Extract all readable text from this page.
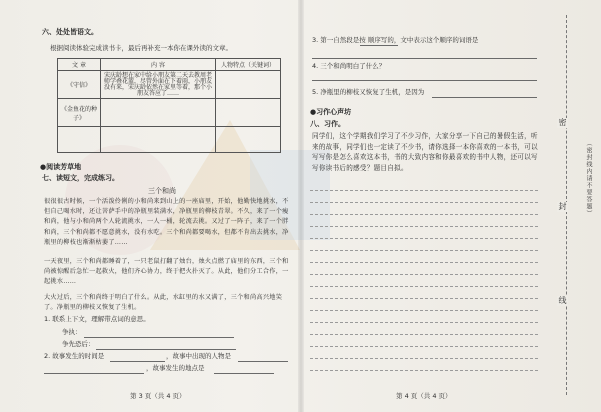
六、处处皆语文。
根据阅读体验完成读书卡，最后再补充一本你在课外读的文章。
文 章	内 容	人物特点（关键词）
《守信》	宋庆龄想在家中给小朋友第二天去教周老师学叠花篮，尽管外面在下着雨，小朋友没有来，宋庆龄依然在家里等着，那个小朋友答应了……	
《金鱼花的种子》		

●阅读芳草地
七、读短文，完成练习。
三个和尚
很很很古时候，一个活泼伶俐的小和尚来到山上的一座庙里，开始，他勤快地挑水，不但自己喝水时，还让菩萨手中的净瓶里装满水，净瓶里的柳枝青翠。不久，来了一个瘦和尚，他与小和尚两个人轮流挑水，一人一桶，轮流去挑。又过了一阵子，来了一个胖和尚，三个和尚都不愿意挑水，没有水吃。三个和尚都要喝水，但都不肯出去挑水，净瓶里的柳枝也渐渐枯萎了……
一天夜里，三个和尚都睡着了，一只老鼠打翻了烛台，烛火点燃了庙里的东西，三个和尚被惊醒后急忙一起救火，他们齐心协力，终于把火扑灭了。从此，他们分工合作，一起挑水……
大火过后，三个和尚终于明白了什么。从此，水缸里的水又满了，三个和尚高兴地笑了。净瓶里的柳枝又恢复了生机。
1. 联系上下文，理解带点词的意思。
争执：
争先恐后：
2. 故事发生的时间是	，故事中出现的人物是
，故事发生的地点是
第 3 页（共 4 页）
3. 第一自然段是按 顺序写的，文中表示这个顺序的词语是
4. 三个和尚明白了什么？
5. 净瓶里的柳枝又恢复了生机，是因为
●习作心声坊
八、习作。
同学们，这个学期我们学习了不少习作，大家分享一下自己的暑假生活，听来的故事，同学们也一定读了不少书，请你选择一本你喜欢的一本书，可以写写你是怎么喜欢这本书，书的大致内容和你最喜欢的书中人物，还可以写写你读书后的感受？题目自拟。
第 4 页（共 4 页）
密
封
线
（密封线内请不要答题）
